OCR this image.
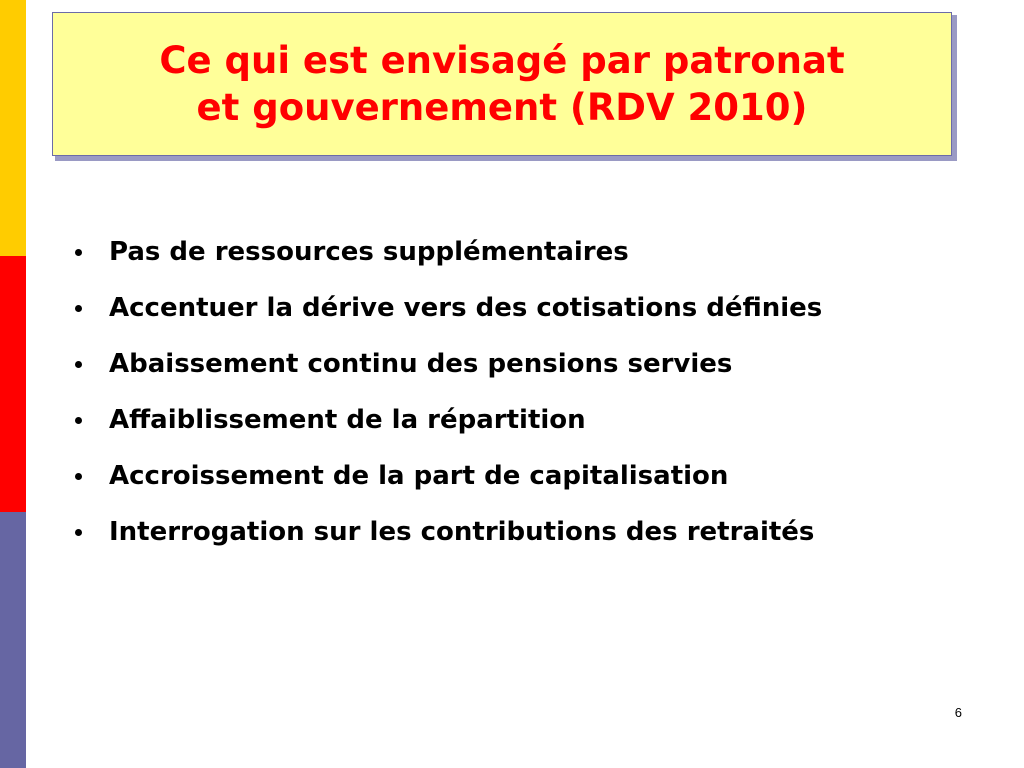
Ce qui est envisagé par patronat
et gouvernement (RDV 2010)
Pas de ressources supplémentaires
Accentuer la dérive vers des cotisations définies
Abaissement continu des pensions servies
Affaiblissement de la répartition
Accroissement de la part de capitalisation
Interrogation sur les contributions des retraités
6
